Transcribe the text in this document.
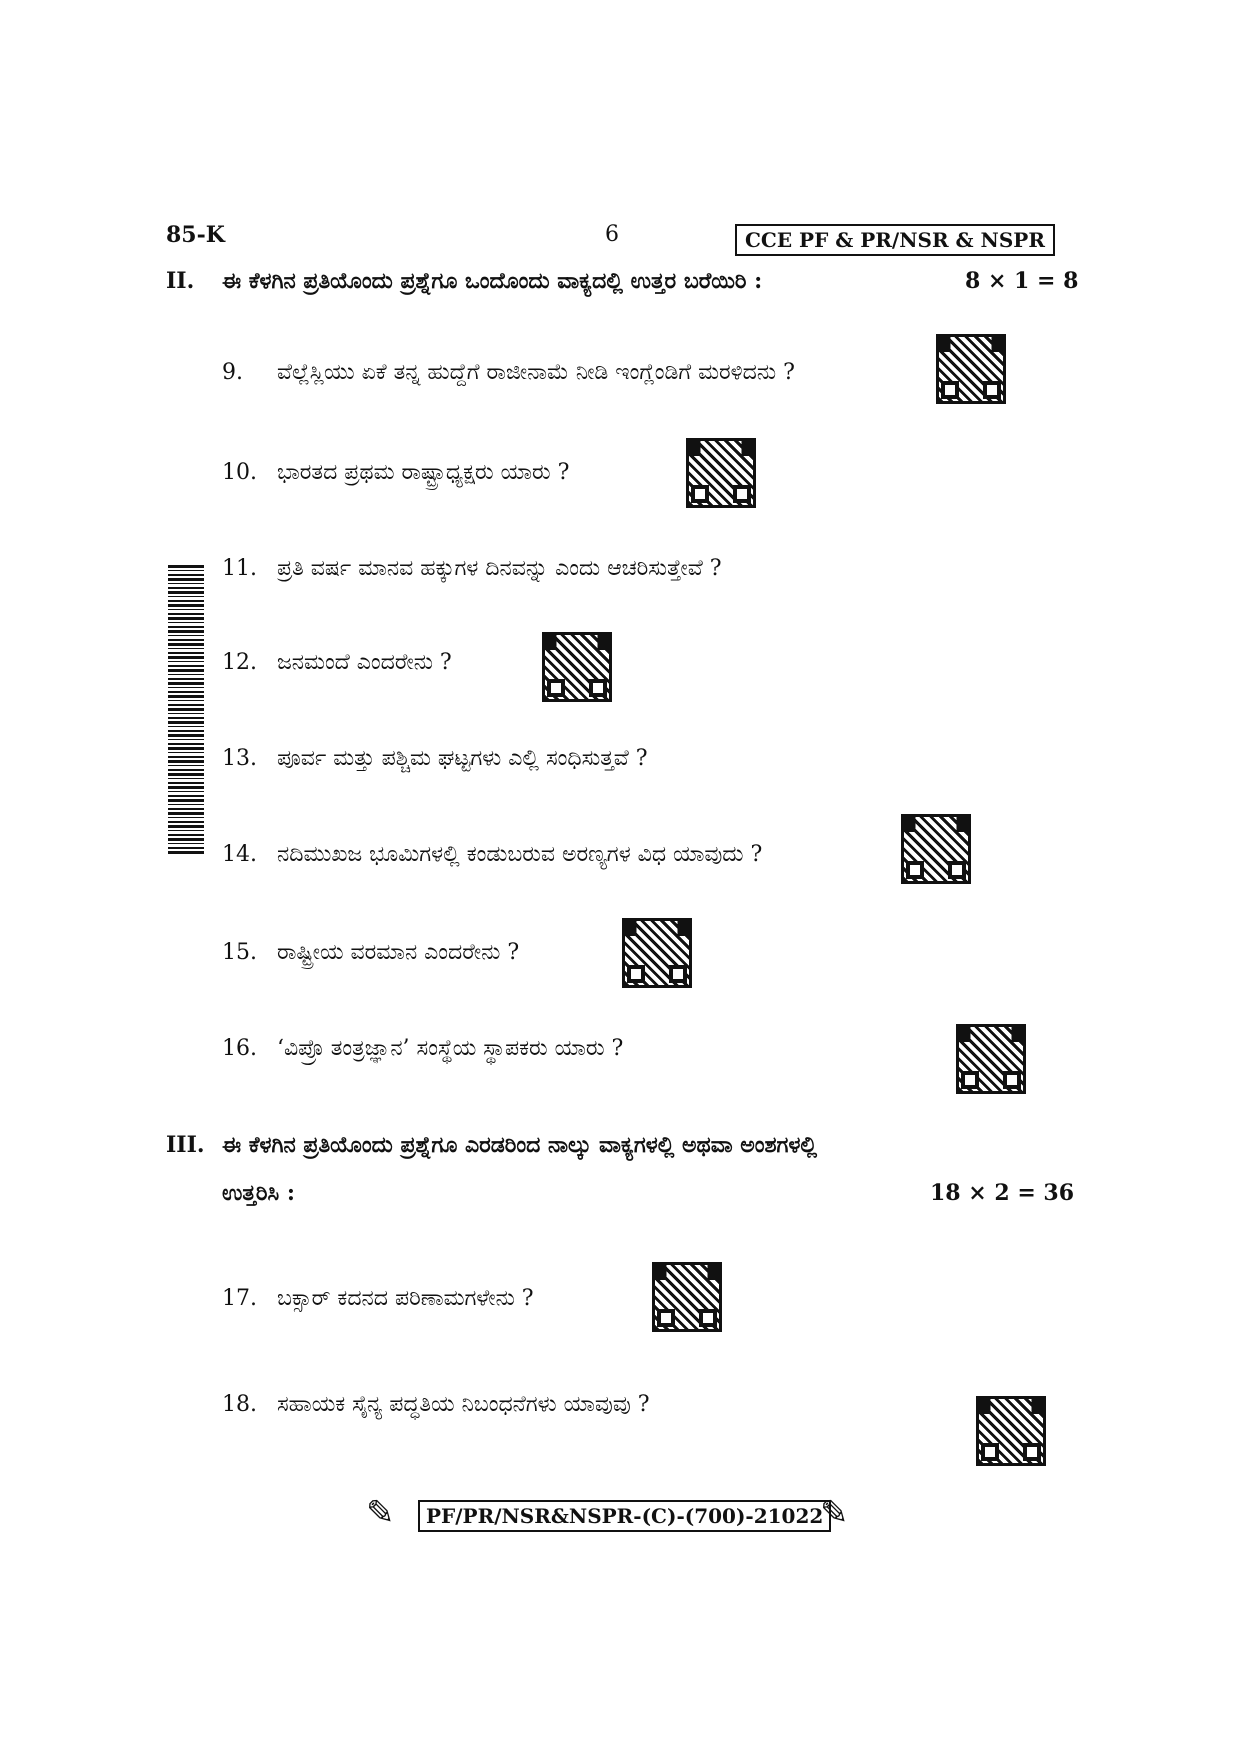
85-K	6	CCE PF & PR/NSR & NSPR
II. ಈ ಕೆಳಗಿನ ಪ್ರತಿಯೊಂದು ಪ್ರಶ್ನೆಗೂ ಒಂದೊಂದು ವಾಕ್ಯದಲ್ಲಿ ಉತ್ತರ ಬರೆಯಿರಿ :	8 × 1 = 8
9. ವೆಲ್ಲೆಸ್ಲಿಯು ಏಕೆ ತನ್ನ ಹುದ್ದೆಗೆ ರಾಜೀನಾಮೆ ನೀಡಿ ಇಂಗ್ಲೆಂಡಿಗೆ ಮರಳಿದನು ?
10. ಭಾರತದ ಪ್ರಥಮ ರಾಷ್ಟ್ರಾಧ್ಯಕ್ಷರು ಯಾರು ?
11. ಪ್ರತಿ ವರ್ಷ ಮಾನವ ಹಕ್ಕುಗಳ ದಿನವನ್ನು ಎಂದು ಆಚರಿಸುತ್ತೇವೆ ?
12. ಜನಮಂದೆ ಎಂದರೇನು ?
13. ಪೂರ್ವ ಮತ್ತು ಪಶ್ಚಿಮ ಘಟ್ಟಗಳು ಎಲ್ಲಿ ಸಂಧಿಸುತ್ತವೆ ?
14. ನದಿಮುಖಜ ಭೂಮಿಗಳಲ್ಲಿ ಕಂಡುಬರುವ ಅರಣ್ಯಗಳ ವಿಧ ಯಾವುದು ?
15. ರಾಷ್ಟ್ರೀಯ ವರಮಾನ ಎಂದರೇನು ?
16. ‘ವಿಪ್ರೊ ತಂತ್ರಜ್ಞಾನ’ ಸಂಸ್ಥೆಯ ಸ್ಥಾಪಕರು ಯಾರು ?
III. ಈ ಕೆಳಗಿನ ಪ್ರತಿಯೊಂದು ಪ್ರಶ್ನೆಗೂ ಎರಡರಿಂದ ನಾಲ್ಕು ವಾಕ್ಯಗಳಲ್ಲಿ ಅಥವಾ ಅಂಶಗಳಲ್ಲಿ
ಉತ್ತರಿಸಿ :	18 × 2 = 36
17. ಬಕ್ಸಾರ್ ಕದನದ ಪರಿಣಾಮಗಳೇನು ?
18. ಸಹಾಯಕ ಸೈನ್ಯ ಪದ್ಧತಿಯ ನಿಬಂಧನೆಗಳು ಯಾವುವು ?
✎	PF/PR/NSR&NSPR-(C)-(700)-21022
✎
